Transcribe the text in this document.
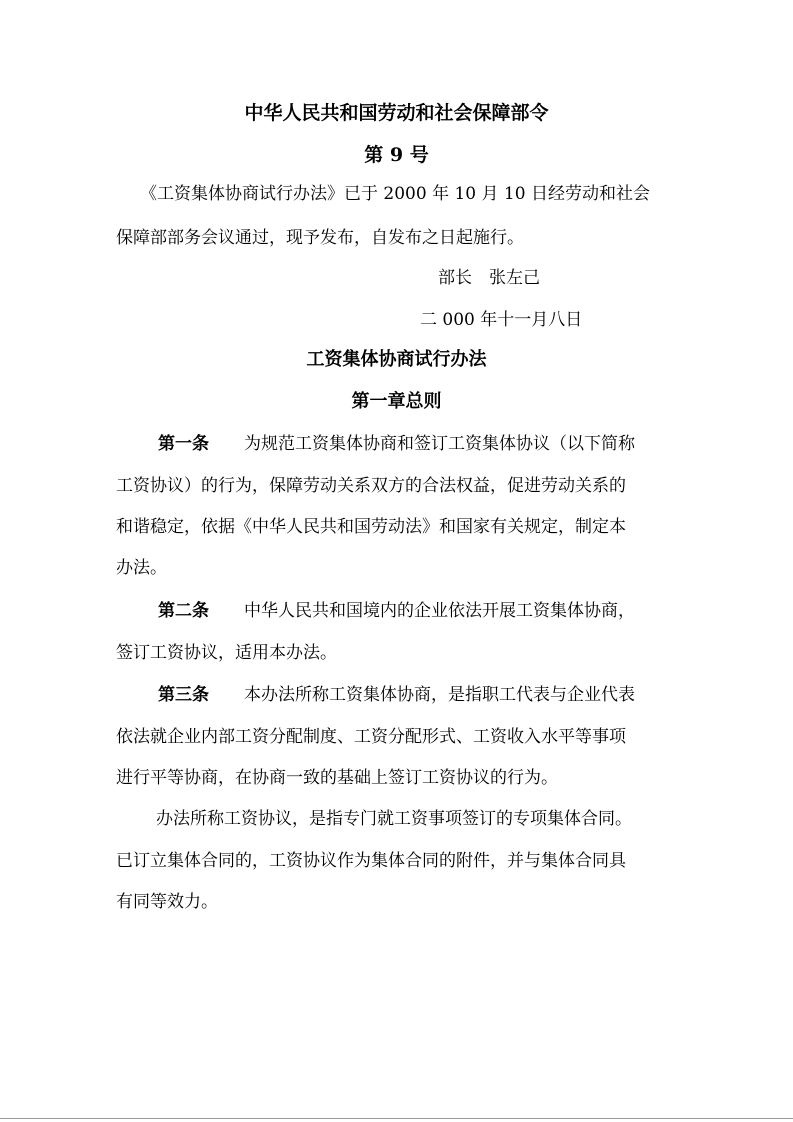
中华人民共和国劳动和社会保障部令
第 9 号
《工资集体协商试行办法》已于 2000 年 10 月 10 日经劳动和社会
保障部部务会议通过，现予发布，自发布之日起施行。
部长　张左己
二 000 年十一月八日
工资集体协商试行办法
第一章总则
第一条 为规范工资集体协商和签订工资集体协议（以下简称
工资协议）的行为，保障劳动关系双方的合法权益，促进劳动关系的
和谐稳定，依据《中华人民共和国劳动法》和国家有关规定，制定本
办法。
第二条 中华人民共和国境内的企业依法开展工资集体协商，
签订工资协议，适用本办法。
第三条 本办法所称工资集体协商，是指职工代表与企业代表
依法就企业内部工资分配制度、工资分配形式、工资收入水平等事项
进行平等协商，在协商一致的基础上签订工资协议的行为。
办法所称工资协议，是指专门就工资事项签订的专项集体合同。
已订立集体合同的，工资协议作为集体合同的附件，并与集体合同具
有同等效力。
